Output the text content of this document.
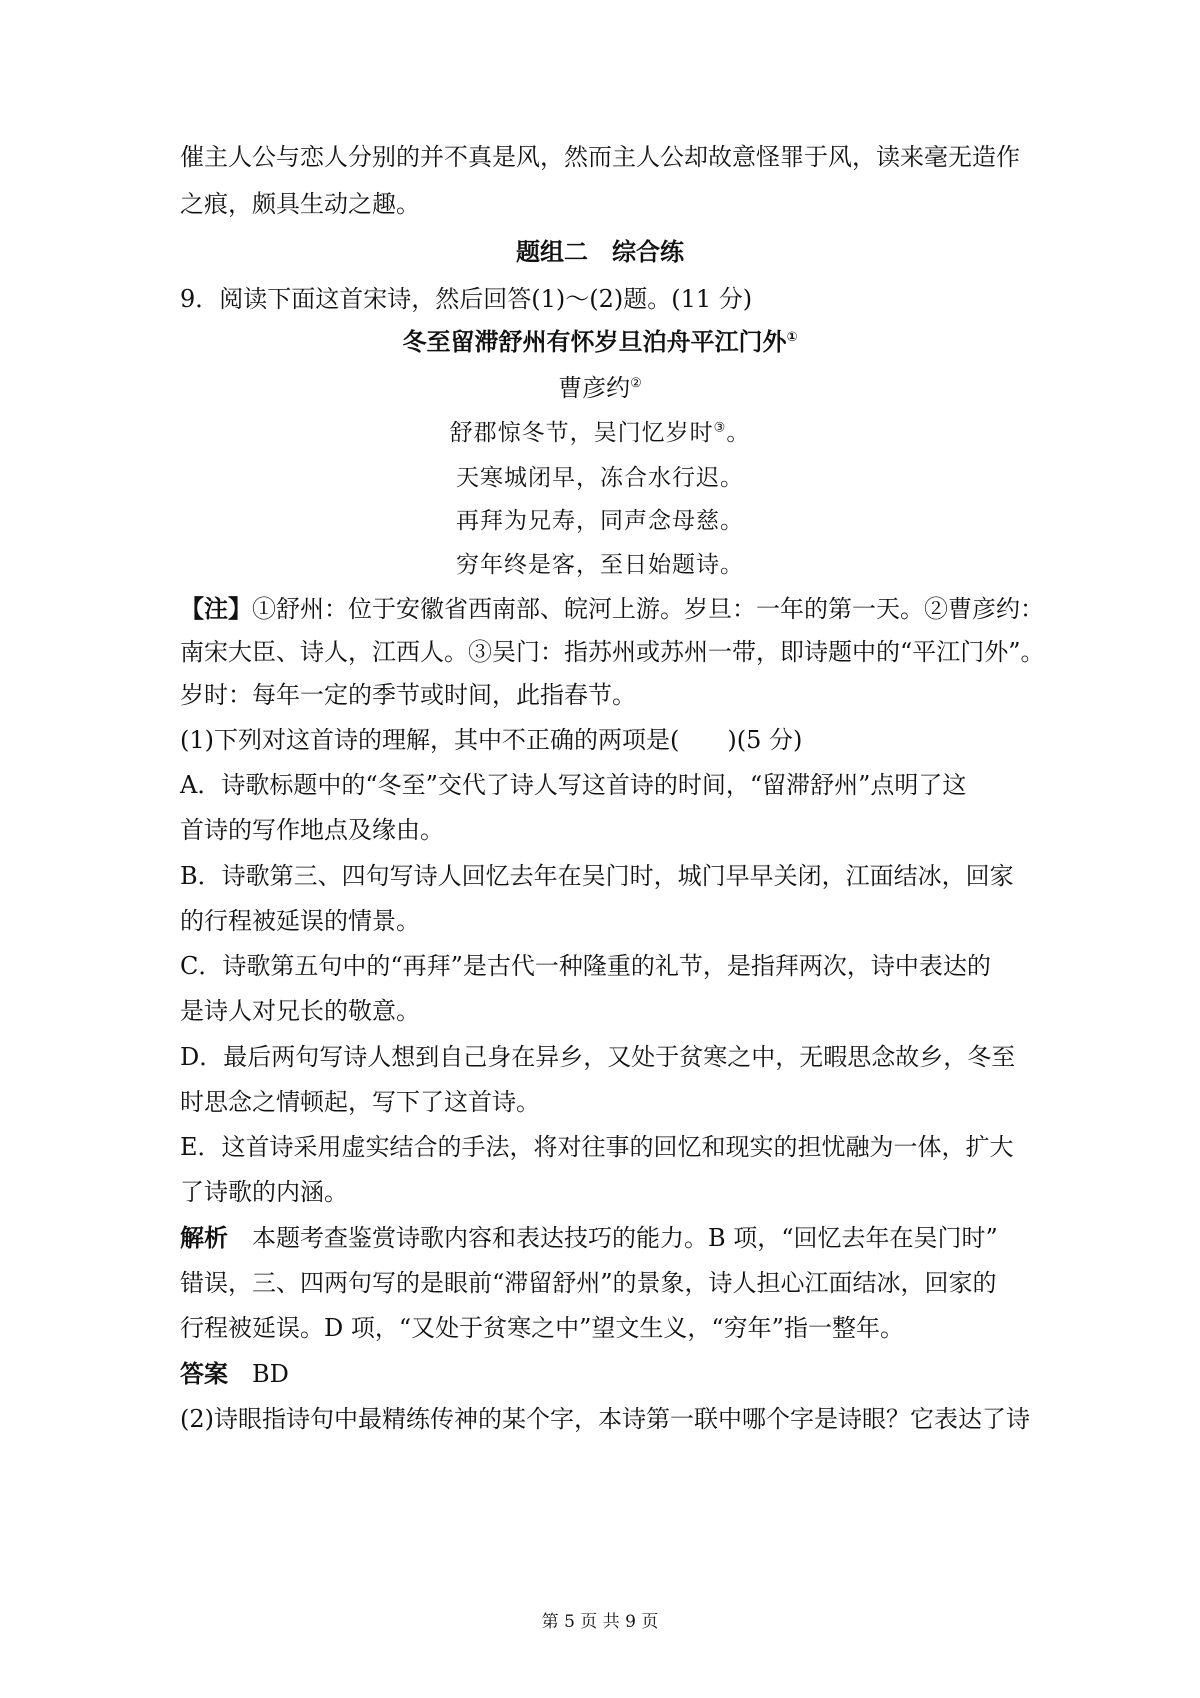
催主人公与恋人分别的并不真是风，然而主人公却故意怪罪于风，读来毫无造作
之痕，颇具生动之趣。
题组二　综合练
9．阅读下面这首宋诗，然后回答(1)～(2)题。(11 分)
冬至留滞舒州有怀岁旦泊舟平江门外①
曹彦约②
舒郡惊冬节，吴门忆岁时③。
天寒城闭早，冻合水行迟。
再拜为兄寿，同声念母慈。
穷年终是客，至日始题诗。
【注】①舒州：位于安徽省西南部、皖河上游。岁旦：一年的第一天。②曹彦约：
南宋大臣、诗人，江西人。③吴门：指苏州或苏州一带，即诗题中的“平江门外”。
岁时：每年一定的季节或时间，此指春节。
(1)下列对这首诗的理解，其中不正确的两项是(　　)(5 分)
A．诗歌标题中的“冬至”交代了诗人写这首诗的时间，“留滞舒州”点明了这
首诗的写作地点及缘由。
B．诗歌第三、四句写诗人回忆去年在吴门时，城门早早关闭，江面结冰，回家
的行程被延误的情景。
C．诗歌第五句中的“再拜”是古代一种隆重的礼节，是指拜两次，诗中表达的
是诗人对兄长的敬意。
D．最后两句写诗人想到自己身在异乡，又处于贫寒之中，无暇思念故乡，冬至
时思念之情顿起，写下了这首诗。
E．这首诗采用虚实结合的手法，将对往事的回忆和现实的担忧融为一体，扩大
了诗歌的内涵。
解析　本题考查鉴赏诗歌内容和表达技巧的能力。B 项，“回忆去年在吴门时”
错误，三、四两句写的是眼前“滞留舒州”的景象，诗人担心江面结冰，回家的
行程被延误。D 项，“又处于贫寒之中”望文生义，“穷年”指一整年。
答案　BD
(2)诗眼指诗句中最精练传神的某个字，本诗第一联中哪个字是诗眼？它表达了诗
第 5 页 共 9 页
